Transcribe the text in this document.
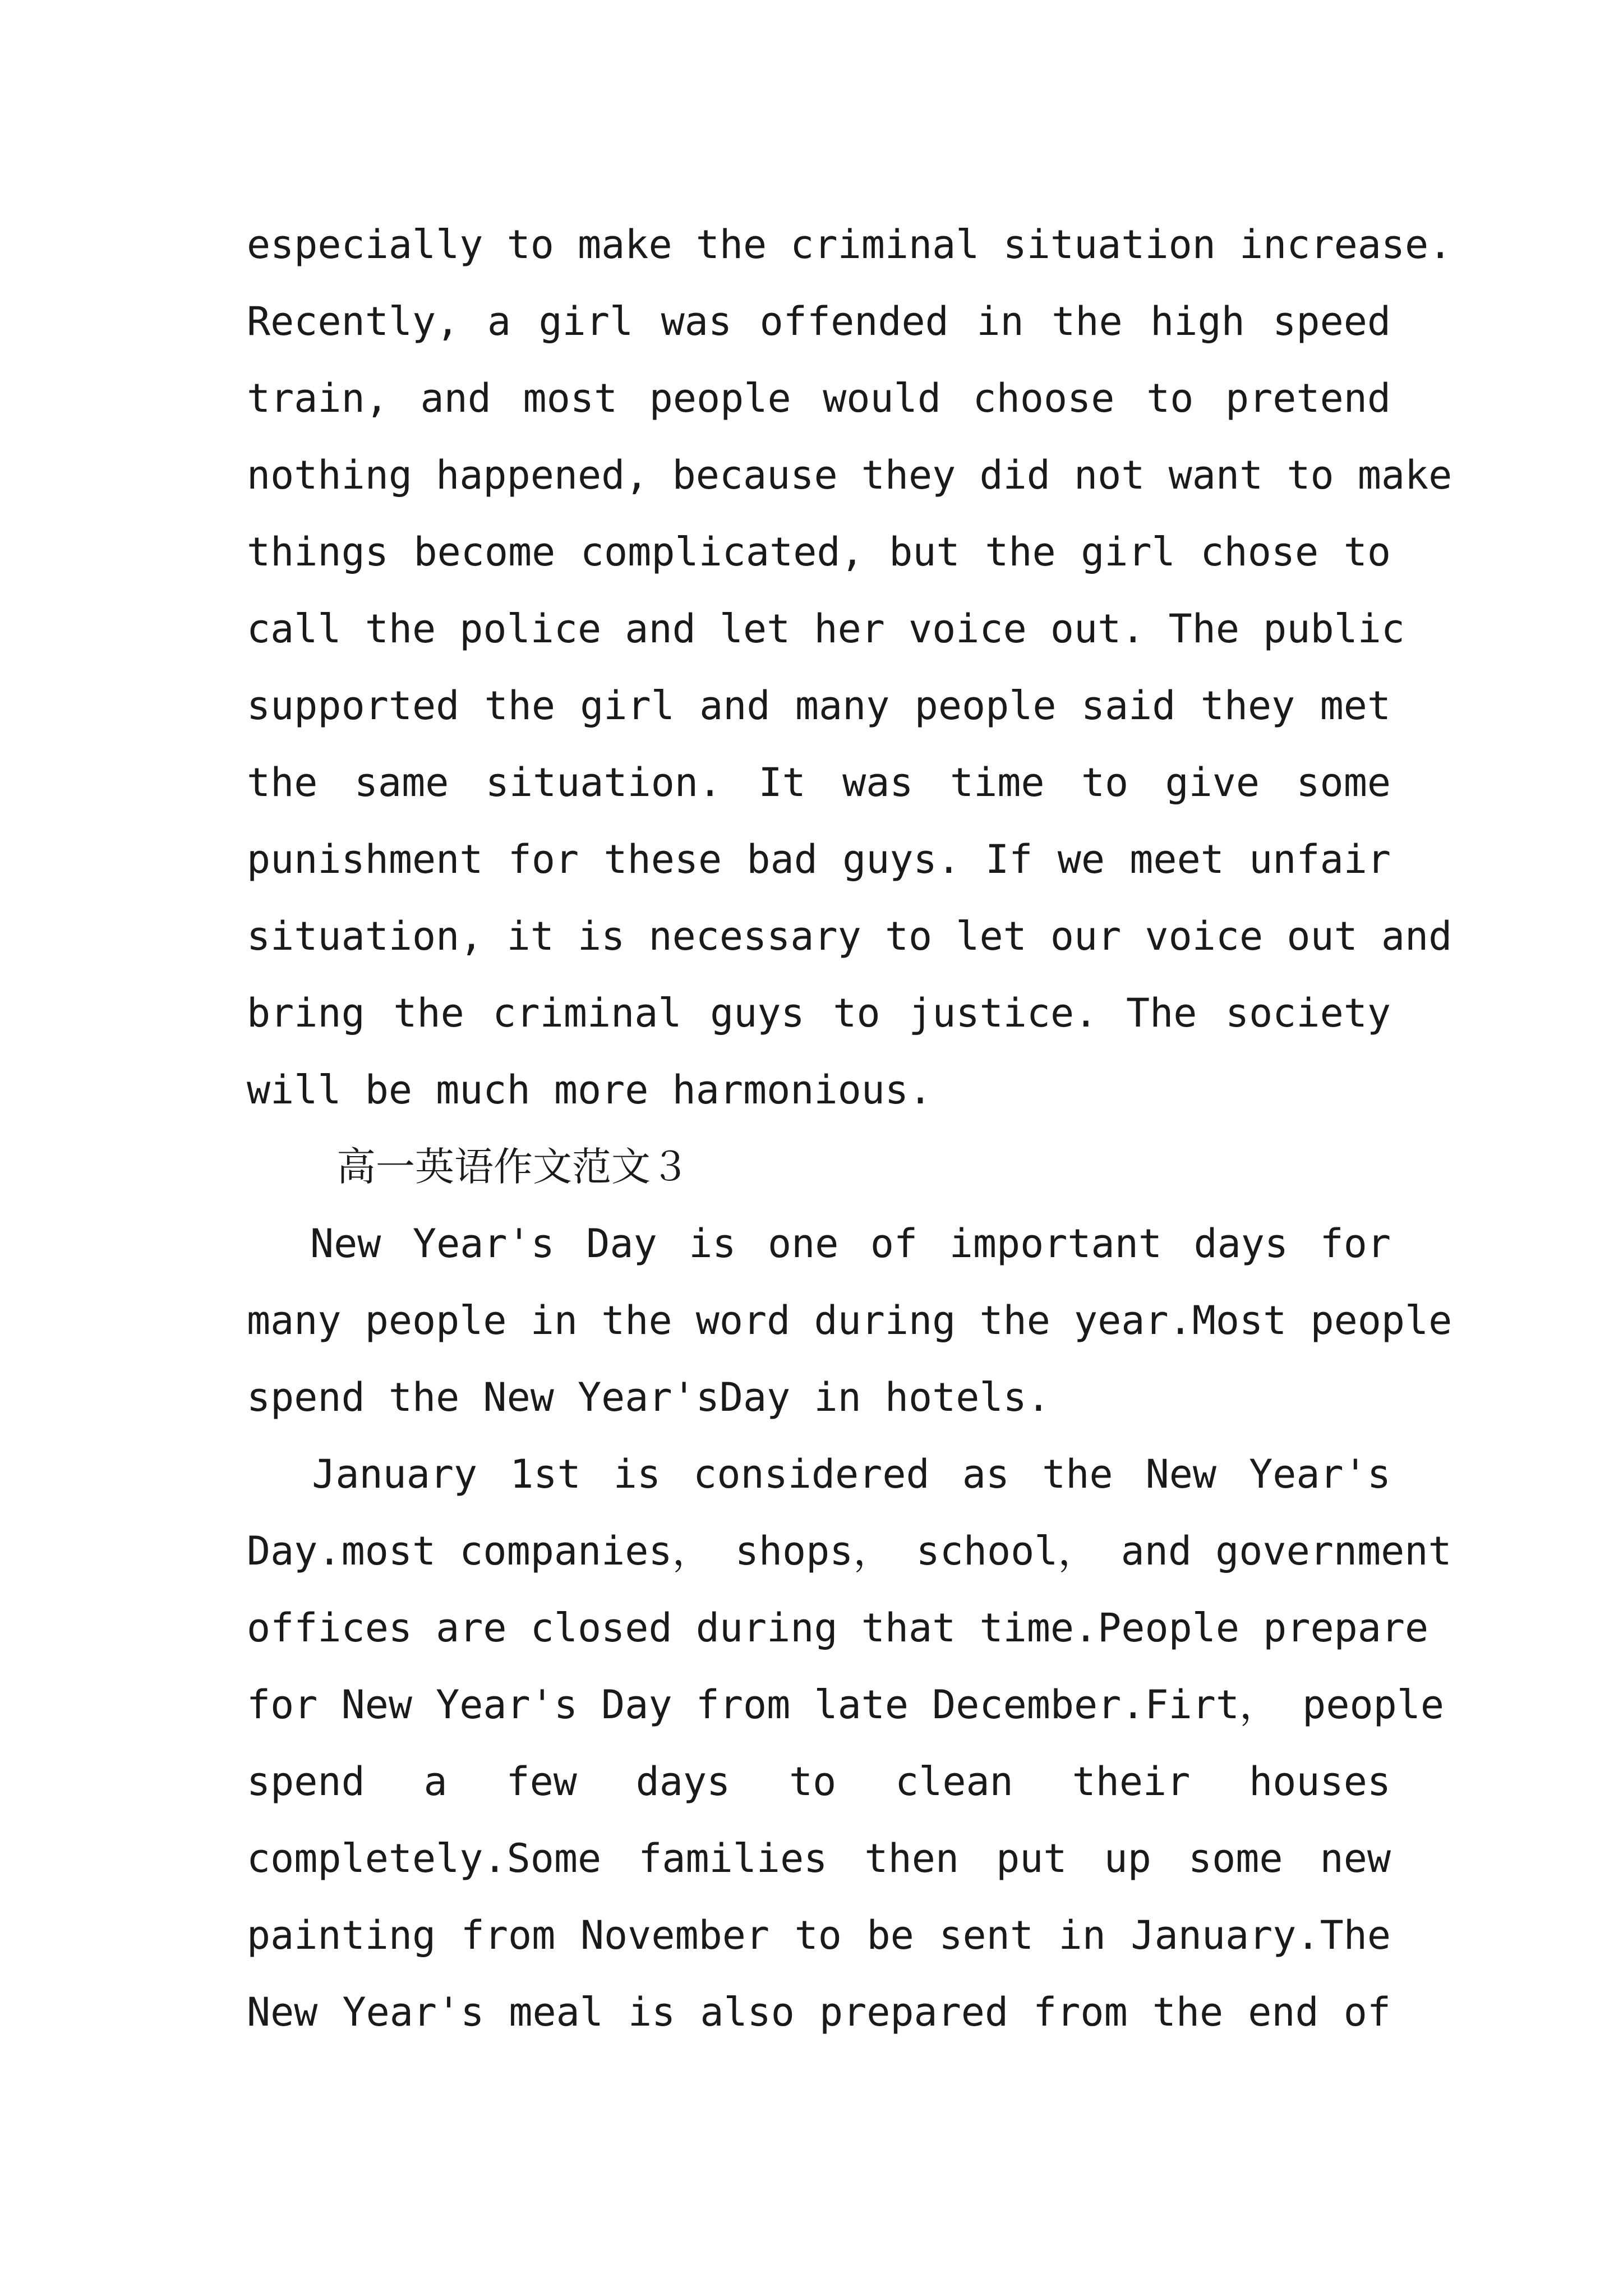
especially to make the criminal situation increase.
Recently, a girl was offended in the high speed
train, and most people would choose to pretend
nothing happened, because they did not want to make
things become complicated, but the girl chose to
call the police and let her voice out. The public
supported the girl and many people said they met
the same situation. It was time to give some
punishment for these bad guys. If we meet unfair
situation, it is necessary to let our voice out and
bring the criminal guys to justice. The society
will be much more harmonious.
高一英语作文范文３
New Year's Day is one of important days for
many people in the word during the year.Most people
spend the New Year'sDay in hotels.
January 1st is considered as the New Year's
Day.most companies， shops， school， and government
offices are closed during that time.People prepare
for New Year's Day from late December.Firt， people
spend a few days to clean their houses
completely.Some families then put up some new
painting from November to be sent in January.The
New Year's meal is also prepared from the end of
